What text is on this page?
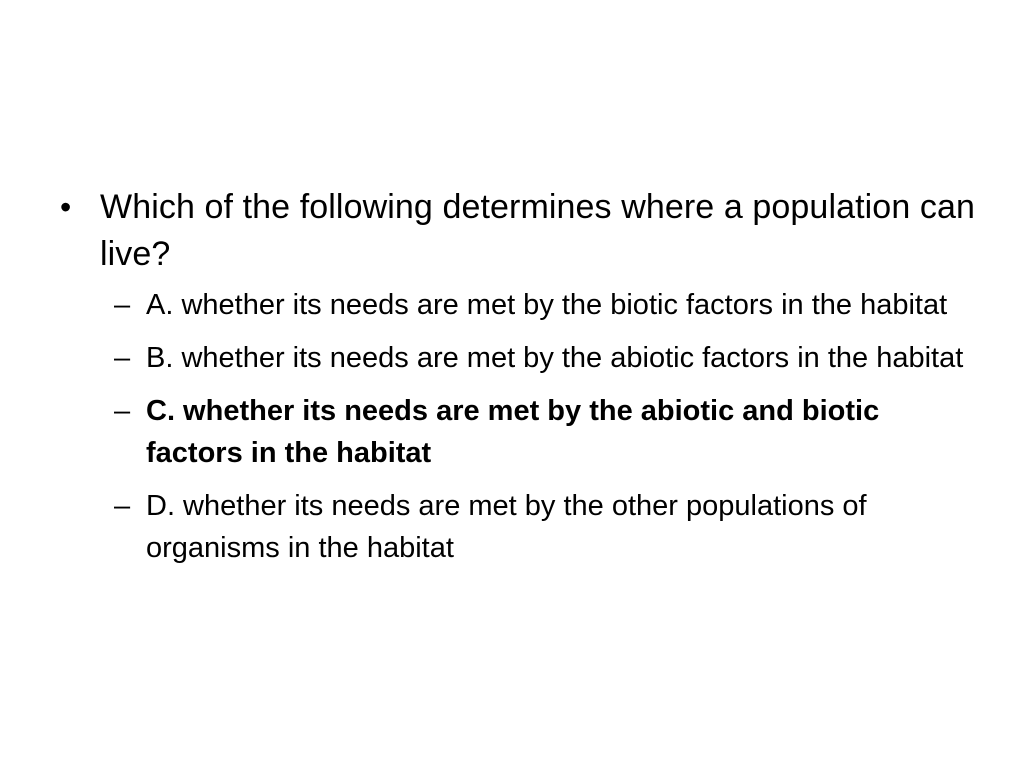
• Which of the following determines where a population can live?
– A. whether its needs are met by the biotic factors in the habitat
– B. whether its needs are met by the abiotic factors in the habitat
– C. whether its needs are met by the abiotic and biotic factors in the habitat
– D. whether its needs are met by the other populations of organisms in the habitat
